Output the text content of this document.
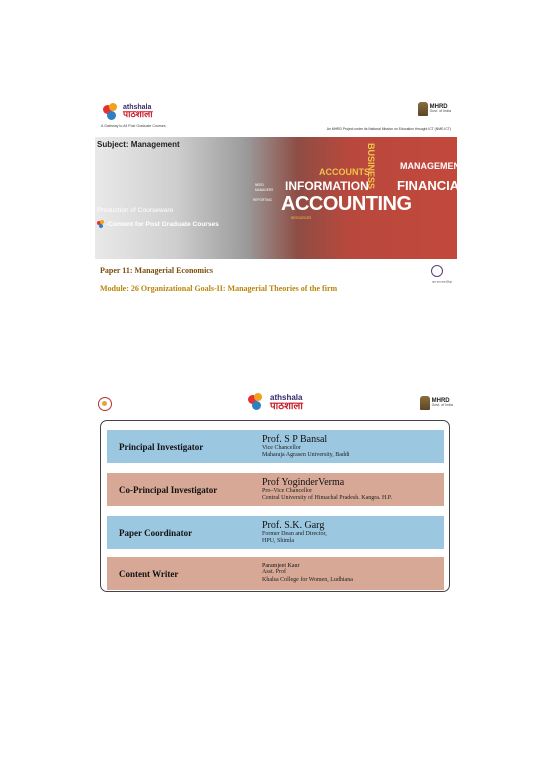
athshala
पाठशाला
A Gateway to All Post Graduate Courses
MHRD
Govt. of India
An MHRD Project under its National Mission on Education throught ICT (NME-ICT)
Subject: Management
Production of Courseware
-Content for Post Graduate Courses
ACCOUNTS
INFORMATION
ACCOUNTING
MANAGEMENT
FINANCIAL
BUSINESS
NEED
MANAGERS
REPORTING
RESOURCES
Paper 11: Managerial Economics
Module: 26 Organizational Goals-II: Managerial Theories of the firm
जन जन तक शिक्षा
athshala
पाठशाला
MHRD
Govt. of India
Principal Investigator
Prof. S P Bansal
Vice Chancellor
Maharaja Agrasen University, Baddi
Co-Principal Investigator
Prof YoginderVerma
Pro–Vice Chancellor
Central University of Himachal Pradesh. Kangra. H.P.
Paper Coordinator
Prof. S.K. Garg
Former Dean and Director,
HPU, Shimla
Content Writer
Paramjeet Kaur
Asst. Prof
Khalsa College for Women, Ludhiana
